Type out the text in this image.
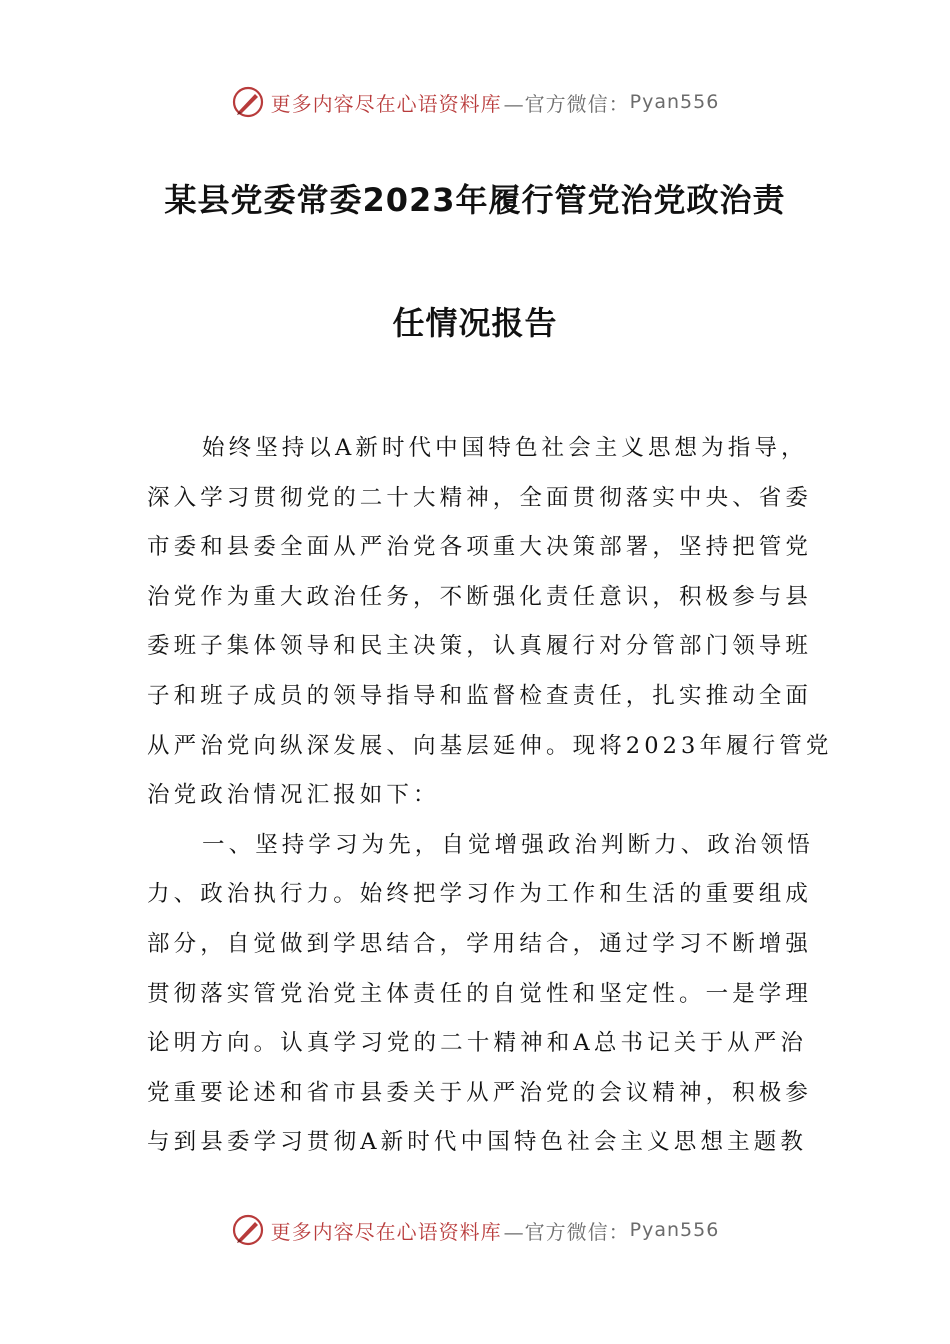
更多内容尽在心语资料库 —官方微信： Pyan556
某县党委常委2023年履行管党治党政治责
任情况报告
始终坚持以A新时代中国特色社会主义思想为指导，
深入学习贯彻党的二十大精神，全面贯彻落实中央、省委
市委和县委全面从严治党各项重大决策部署，坚持把管党
治党作为重大政治任务，不断强化责任意识，积极参与县
委班子集体领导和民主决策，认真履行对分管部门领导班
子和班子成员的领导指导和监督检查责任，扎实推动全面
从严治党向纵深发展、向基层延伸。现将2023年履行管党
治党政治情况汇报如下：
一、坚持学习为先，自觉增强政治判断力、政治领悟
力、政治执行力。始终把学习作为工作和生活的重要组成
部分，自觉做到学思结合，学用结合，通过学习不断增强
贯彻落实管党治党主体责任的自觉性和坚定性。一是学理
论明方向。认真学习党的二十精神和A总书记关于从严治
党重要论述和省市县委关于从严治党的会议精神，积极参
与到县委学习贯彻A新时代中国特色社会主义思想主题教
更多内容尽在心语资料库 —官方微信： Pyan556
